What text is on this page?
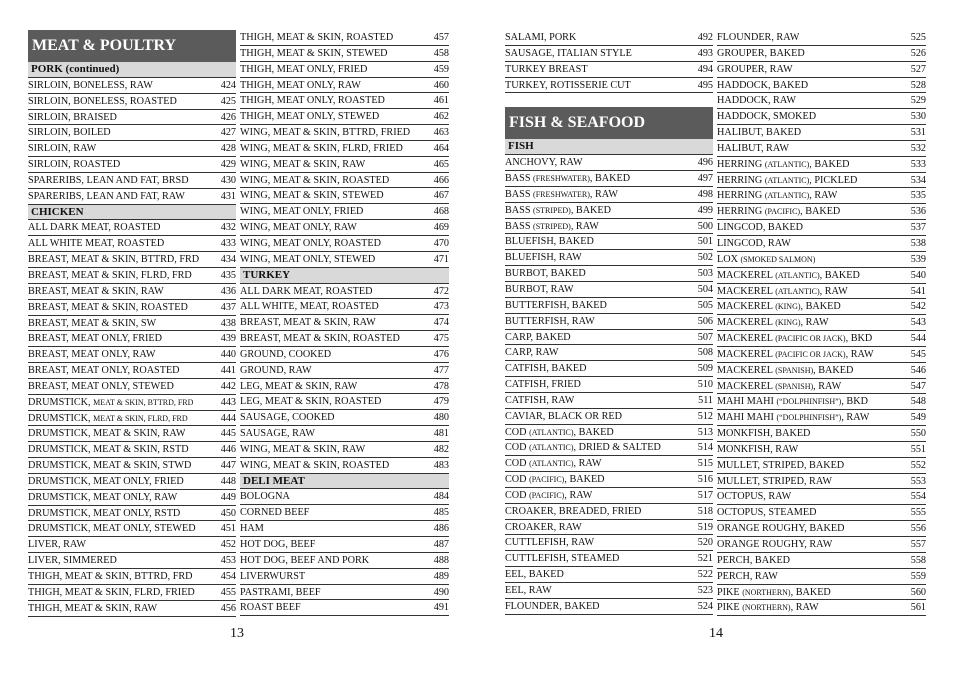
MEAT & POULTRY
PORK (continued)
SIRLOIN, BONELESS, RAW	424
SIRLOIN, BONELESS, ROASTED	425
SIRLOIN, BRAISED	426
SIRLOIN, BOILED	427
SIRLOIN, RAW	428
SIRLOIN, ROASTED	429
SPARERIBS, LEAN AND FAT, BRSD	430
SPARERIBS, LEAN AND FAT, RAW	431
CHICKEN
ALL DARK MEAT, ROASTED	432
ALL WHITE MEAT, ROASTED	433
BREAST, MEAT & SKIN, BTTRD, FRD 434
BREAST, MEAT & SKIN, FLRD, FRD	435
BREAST, MEAT & SKIN, RAW	436
BREAST, MEAT & SKIN, ROASTED	437
BREAST, MEAT & SKIN, SW	438
BREAST, MEAT ONLY, FRIED	439
BREAST, MEAT ONLY, RAW	440
BREAST, MEAT ONLY, ROASTED	441
BREAST, MEAT ONLY, STEWED	442
DRUMSTICK, MEAT & SKIN, BTTRD, FRD	443
DRUMSTICK, MEAT & SKIN, FLRD, FRD	444
DRUMSTICK, MEAT & SKIN, RAW	445
DRUMSTICK, MEAT & SKIN, RSTD	446
DRUMSTICK, MEAT & SKIN, STWD	447
DRUMSTICK, MEAT ONLY, FRIED	448
DRUMSTICK, MEAT ONLY, RAW	449
DRUMSTICK, MEAT ONLY, RSTD	450
DRUMSTICK, MEAT ONLY, STEWED 451
LIVER, RAW	452
LIVER, SIMMERED	453
THIGH, MEAT & SKIN, BTTRD, FRD	454
THIGH, MEAT & SKIN, FLRD, FRIED	455
THIGH, MEAT & SKIN, RAW	456
THIGH, MEAT & SKIN, ROASTED	457
THIGH, MEAT & SKIN, STEWED	458
THIGH, MEAT ONLY, FRIED	459
THIGH, MEAT ONLY, RAW	460
THIGH, MEAT ONLY, ROASTED	461
THIGH, MEAT ONLY, STEWED	462
WING, MEAT & SKIN, BTTRD, FRIED 463
WING, MEAT & SKIN, FLRD, FRIED	464
WING, MEAT & SKIN, RAW	465
WING, MEAT & SKIN, ROASTED	466
WING, MEAT & SKIN, STEWED	467
WING, MEAT ONLY, FRIED	468
WING, MEAT ONLY, RAW	469
WING, MEAT ONLY, ROASTED	470
WING, MEAT ONLY, STEWED	471
TURKEY
ALL DARK MEAT, ROASTED	472
ALL WHITE, MEAT, ROASTED	473
BREAST, MEAT & SKIN, RAW	474
BREAST, MEAT & SKIN, ROASTED	475
GROUND, COOKED	476
GROUND, RAW	477
LEG, MEAT & SKIN, RAW	478
LEG, MEAT & SKIN, ROASTED	479
SAUSAGE, COOKED	480
SAUSAGE, RAW	481
WING, MEAT & SKIN, RAW	482
WING, MEAT & SKIN, ROASTED	483
DELI MEAT
BOLOGNA	484
CORNED BEEF	485
HAM	486
HOT DOG, BEEF	487
HOT DOG, BEEF AND PORK	488
LIVERWURST	489
PASTRAMI, BEEF	490
ROAST BEEF	491
SALAMI, PORK	492
SAUSAGE, ITALIAN STYLE	493
TURKEY BREAST	494
TURKEY, ROTISSERIE CUT	495
FISH & SEAFOOD
FISH
ANCHOVY, RAW	496
BASS (FRESHWATER), BAKED	497
BASS (FRESHWATER), RAW	498
BASS (STRIPED), BAKED	499
BASS (STRIPED), RAW	500
BLUEFISH, BAKED	501
BLUEFISH, RAW	502
BURBOT, BAKED	503
BURBOT, RAW	504
BUTTERFISH, BAKED	505
BUTTERFISH, RAW	506
CARP, BAKED	507
CARP, RAW	508
CATFISH, BAKED	509
CATFISH, FRIED	510
CATFISH, RAW	511
CAVIAR, BLACK OR RED	512
COD (ATLANTIC), BAKED	513
COD (ATLANTIC), DRIED & SALTED	514
COD (ATLANTIC), RAW	515
COD (PACIFIC), BAKED	516
COD (PACIFIC), RAW	517
CROAKER, BREADED, FRIED	518
CROAKER, RAW	519
CUTTLEFISH, RAW	520
CUTTLEFISH, STEAMED	521
EEL, BAKED	522
EEL, RAW	523
FLOUNDER, BAKED	524
FLOUNDER, RAW	525
GROUPER, BAKED	526
GROUPER, RAW	527
HADDOCK, BAKED	528
HADDOCK, RAW	529
HADDOCK, SMOKED	530
HALIBUT, BAKED	531
HALIBUT, RAW	532
HERRING (ATLANTIC), BAKED	533
HERRING (ATLANTIC), PICKLED	534
HERRING (ATLANTIC), RAW	535
HERRING (PACIFIC), BAKED	536
LINGCOD, BAKED	537
LINGCOD, RAW	538
LOX (SMOKED SALMON)	539
MACKEREL (ATLANTIC), BAKED	540
MACKEREL (ATLANTIC), RAW	541
MACKEREL (KING), BAKED	542
MACKEREL (KING), RAW	543
MACKEREL (PACIFIC OR JACK), BKD	544
MACKEREL (PACIFIC OR JACK), RAW	545
MACKEREL (SPANISH), BAKED	546
MACKEREL (SPANISH), RAW	547
MAHI MAHI (“DOLPHINFISH”), BKD	548
MAHI MAHI (“DOLPHINFISH”), RAW	549
MONKFISH, BAKED	550
MONKFISH, RAW	551
MULLET, STRIPED, BAKED	552
MULLET, STRIPED, RAW	553
OCTOPUS, RAW	554
OCTOPUS, STEAMED	555
ORANGE ROUGHY, BAKED	556
ORANGE ROUGHY, RAW	557
PERCH, BAKED	558
PERCH, RAW	559
PIKE (NORTHERN), BAKED	560
PIKE (NORTHERN), RAW	561
13	14
